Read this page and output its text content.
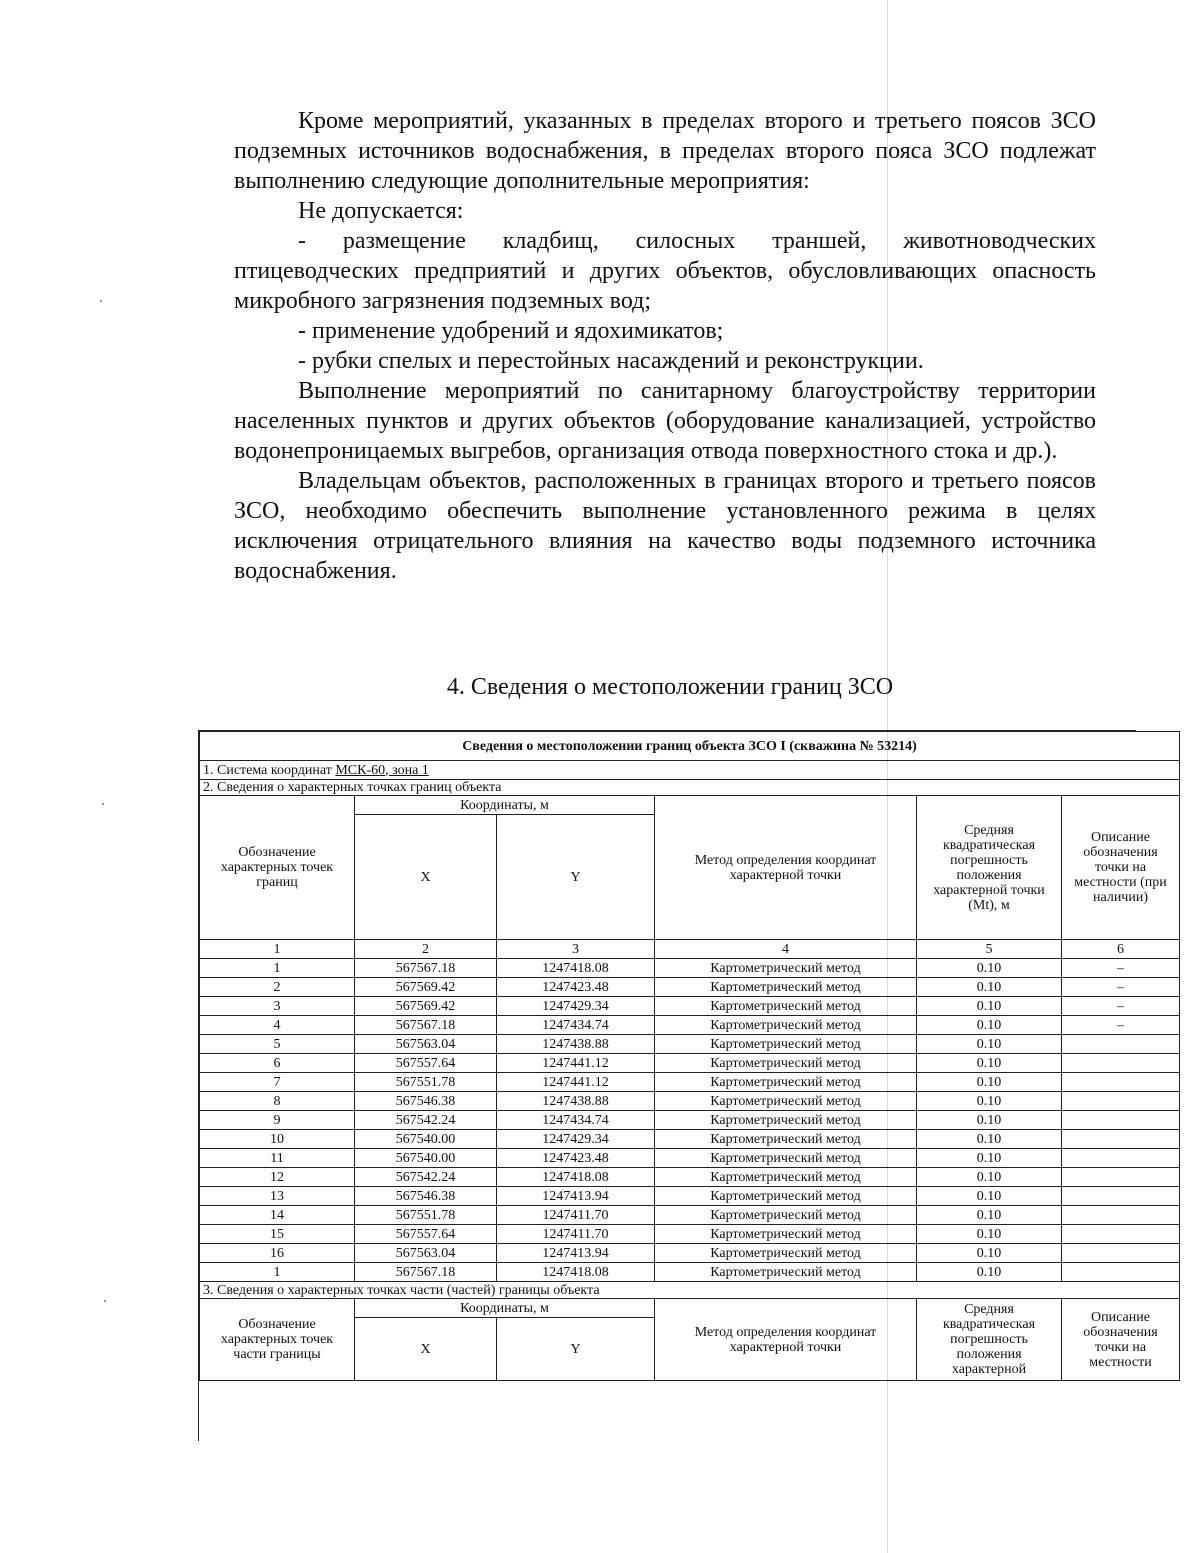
Кроме мероприятий, указанных в пределах второго и третьего поясов ЗСО подземных источников водоснабжения, в пределах второго пояса ЗСО подлежат выполнению следующие дополнительные мероприятия:

Не допускается:

- размещение кладбищ, силосных траншей, животноводческих птицеводческих предприятий и других объектов, обусловливающих опасность микробного загрязнения подземных вод;

- применение удобрений и ядохимикатов;

- рубки спелых и перестойных насаждений и реконструкции.

Выполнение мероприятий по санитарному благоустройству территории населенных пунктов и других объектов (оборудование канализацией, устройство водонепроницаемых выгребов, организация отвода поверхностного стока и др.).

Владельцам объектов, расположенных в границах второго и третьего поясов ЗСО, необходимо обеспечить выполнение установленного режима в целях исключения отрицательного влияния на качество воды подземного источника водоснабжения.

4. Сведения о местоположении границ ЗСО
Сведения о местоположении границ объекта ЗСО I (скважина № 53214)					
1. Система координат МСК-60, зона 1					
2. Сведения о характерных точках границ объекта					
Обозначение характерных точек границ	Координаты, м		Метод определения координат характерной точки	Средняя квадратическая погрешность положения характерной точки (Mt), м	Описание обозначения точки на местности (при наличии)
	X	Y			
1	2	3	4	5	6
1	567567.18	1247418.08	Картометрический метод	0.10	–
2	567569.42	1247423.48	Картометрический метод	0.10	–
3	567569.42	1247429.34	Картометрический метод	0.10	–
4	567567.18	1247434.74	Картометрический метод	0.10	–
5	567563.04	1247438.88	Картометрический метод	0.10	
6	567557.64	1247441.12	Картометрический метод	0.10	
7	567551.78	1247441.12	Картометрический метод	0.10	
8	567546.38	1247438.88	Картометрический метод	0.10	
9	567542.24	1247434.74	Картометрический метод	0.10	
10	567540.00	1247429.34	Картометрический метод	0.10	
11	567540.00	1247423.48	Картометрический метод	0.10	
12	567542.24	1247418.08	Картометрический метод	0.10	
13	567546.38	1247413.94	Картометрический метод	0.10	
14	567551.78	1247411.70	Картометрический метод	0.10	
15	567557.64	1247411.70	Картометрический метод	0.10	
16	567563.04	1247413.94	Картометрический метод	0.10	
1	567567.18	1247418.08	Картометрический метод	0.10	
3. Сведения о характерных точках части (частей) границы объекта					
Обозначение характерных точек части границы	Координаты, м		Метод определения координат характерной точки	Средняя квадратическая погрешность положения характерной	Описание обозначения точки на местности
	X	Y			
